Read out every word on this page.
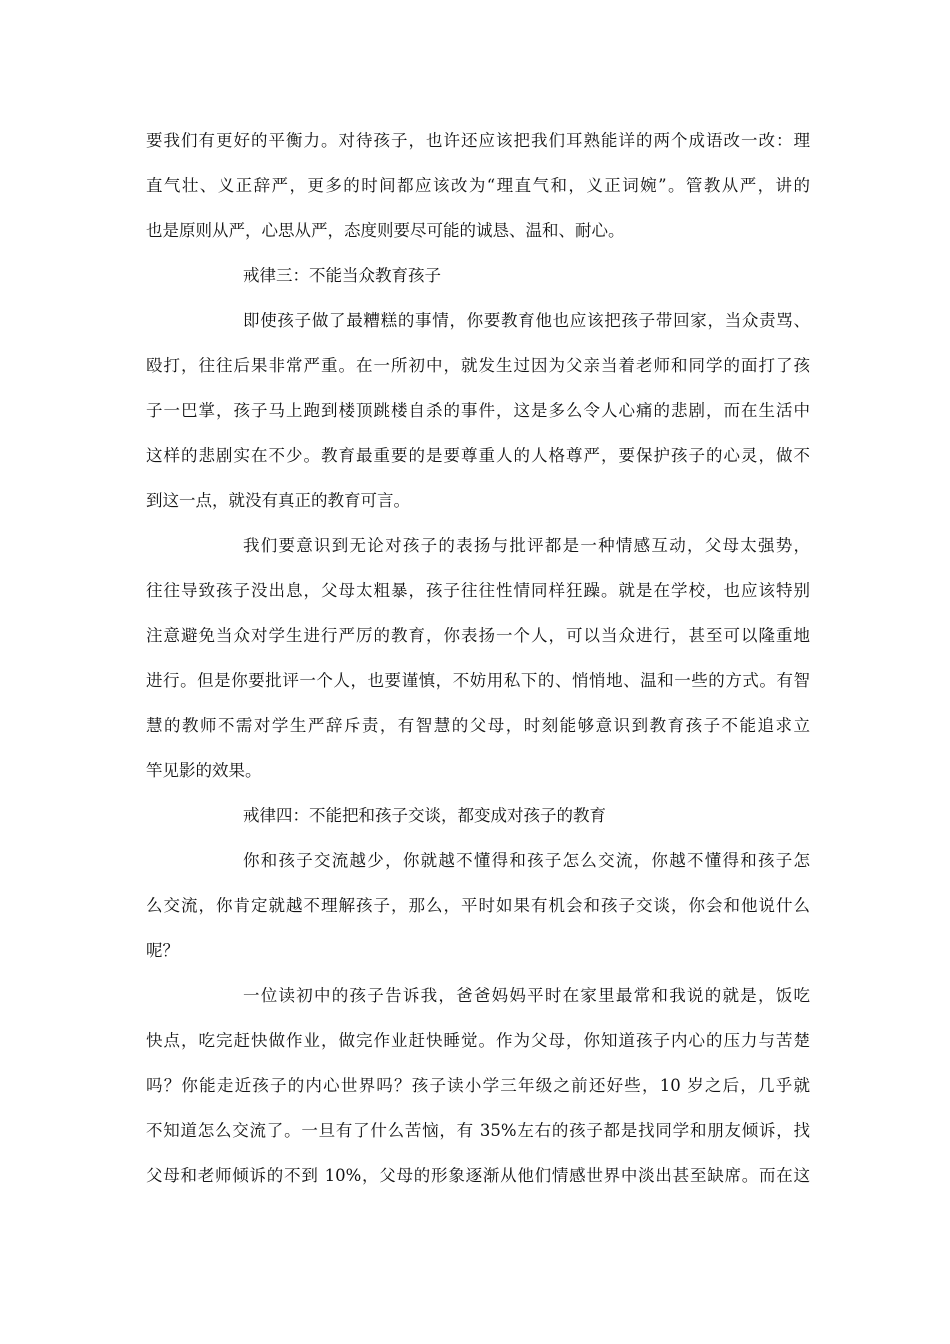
要我们有更好的平衡力。对待孩子，也许还应该把我们耳熟能详的两个成语改一改：理
直气壮、义正辞严，更多的时间都应该改为“理直气和，义正词婉”。管教从严，讲的
也是原则从严，心思从严，态度则要尽可能的诚恳、温和、耐心。
戒律三：不能当众教育孩子
即使孩子做了最糟糕的事情，你要教育他也应该把孩子带回家，当众责骂、
殴打，往往后果非常严重。在一所初中，就发生过因为父亲当着老师和同学的面打了孩
子一巴掌，孩子马上跑到楼顶跳楼自杀的事件，这是多么令人心痛的悲剧，而在生活中
这样的悲剧实在不少。教育最重要的是要尊重人的人格尊严，要保护孩子的心灵，做不
到这一点，就没有真正的教育可言。
我们要意识到无论对孩子的表扬与批评都是一种情感互动，父母太强势，
往往导致孩子没出息，父母太粗暴，孩子往往性情同样狂躁。就是在学校，也应该特别
注意避免当众对学生进行严厉的教育，你表扬一个人，可以当众进行，甚至可以隆重地
进行。但是你要批评一个人，也要谨慎，不妨用私下的、悄悄地、温和一些的方式。有智
慧的教师不需对学生严辞斥责，有智慧的父母，时刻能够意识到教育孩子不能追求立
竿见影的效果。
戒律四：不能把和孩子交谈，都变成对孩子的教育
你和孩子交流越少，你就越不懂得和孩子怎么交流，你越不懂得和孩子怎
么交流，你肯定就越不理解孩子，那么，平时如果有机会和孩子交谈，你会和他说什么
呢？
一位读初中的孩子告诉我，爸爸妈妈平时在家里最常和我说的就是，饭吃
快点，吃完赶快做作业，做完作业赶快睡觉。作为父母，你知道孩子内心的压力与苦楚
吗？你能走近孩子的内心世界吗？孩子读小学三年级之前还好些，10 岁之后，几乎就
不知道怎么交流了。一旦有了什么苦恼，有 35%左右的孩子都是找同学和朋友倾诉，找
父母和老师倾诉的不到 10%，父母的形象逐渐从他们情感世界中淡出甚至缺席。而在这
